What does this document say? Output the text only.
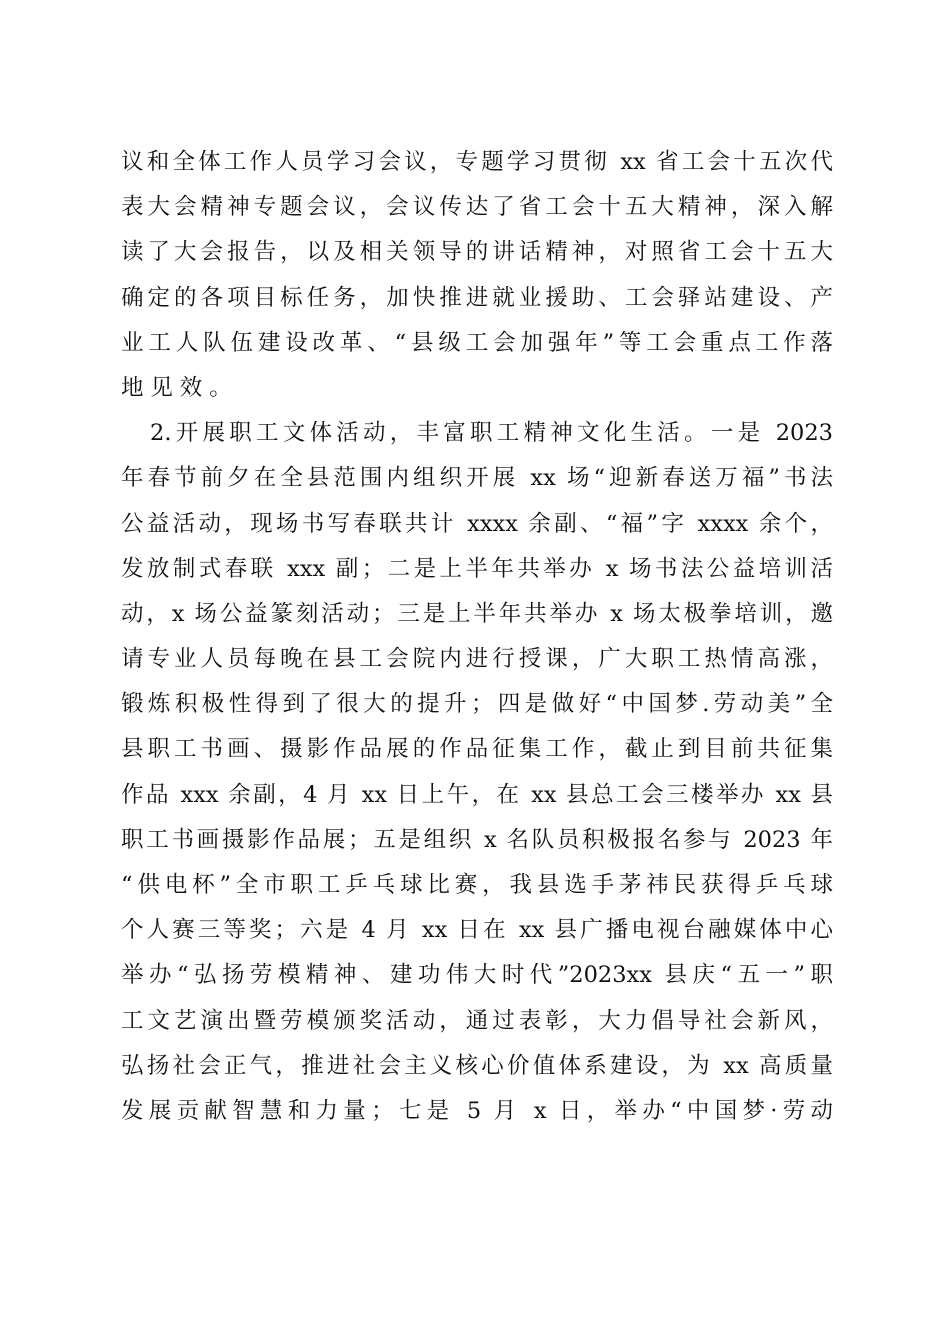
议和全体工作人员学习会议，专题学习贯彻 xx 省工会十五次代
表大会精神专题会议，会议传达了省工会十五大精神，深入解
读了大会报告，以及相关领导的讲话精神，对照省工会十五大
确定的各项目标任务，加快推进就业援助、工会驿站建设、产
业工人队伍建设改革、“县级工会加强年”等工会重点工作落
地见效。
2.开展职工文体活动，丰富职工精神文化生活。一是 2023
年春节前夕在全县范围内组织开展 xx 场“迎新春送万福”书法
公益活动，现场书写春联共计 xxxx 余副、“福”字 xxxx 余个，
发放制式春联 xxx 副；二是上半年共举办 x 场书法公益培训活
动，x 场公益篆刻活动；三是上半年共举办 x 场太极拳培训，邀
请专业人员每晚在县工会院内进行授课，广大职工热情高涨，
锻炼积极性得到了很大的提升；四是做好“中国梦.劳动美”全
县职工书画、摄影作品展的作品征集工作，截止到目前共征集
作品 xxx 余副，4 月 xx 日上午，在 xx 县总工会三楼举办 xx 县
职工书画摄影作品展；五是组织 x 名队员积极报名参与 2023 年
“供电杯”全市职工乒乓球比赛，我县选手茅祎民获得乒乓球
个人赛三等奖；六是 4 月 xx 日在 xx 县广播电视台融媒体中心
举办“弘扬劳模精神、建功伟大时代”2023xx 县庆“五一”职
工文艺演出暨劳模颁奖活动，通过表彰，大力倡导社会新风，
弘扬社会正气，推进社会主义核心价值体系建设，为 xx 高质量
发展贡献智慧和力量；七是 5 月 x 日，举办“中国梦·劳动
